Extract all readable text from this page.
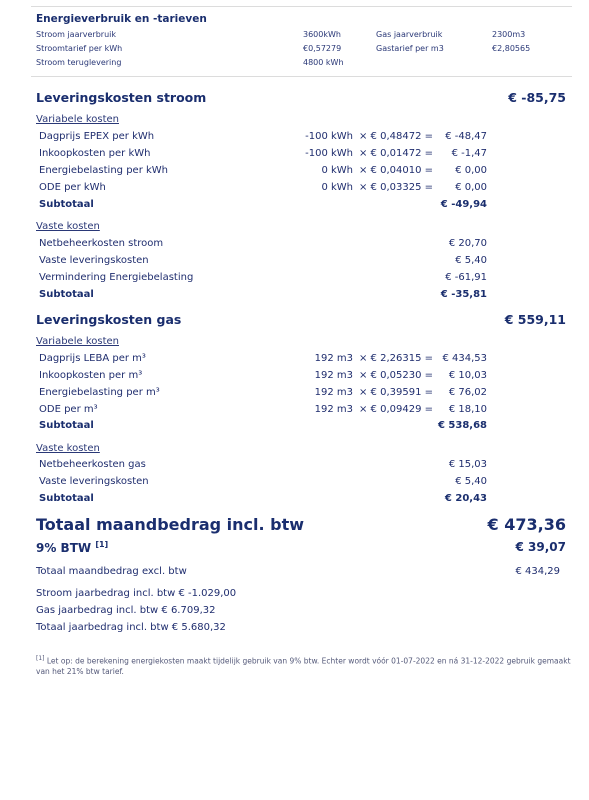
Energieverbruik en -tarieven
Stroom jaarverbruik	3600kWh	Gas jaarverbruik	2300m3
Stroomtarief per kWh	€0,57279	Gastarief per m3	€2,80565
Stroom teruglevering	4800 kWh
Leveringskosten stroom	€ -85,75
Variabele kosten
Dagprijs EPEX per kWh	-100 kWh × € 0,48472 = € -48,47
Inkoopkosten per kWh	-100 kWh × € 0,01472 = € -1,47
Energiebelasting per kWh	0 kWh × € 0,04010 = € 0,00
ODE per kWh	0 kWh × € 0,03325 = € 0,00
Subtotaal	€ -49,94
Vaste kosten
Netbeheerkosten stroom	€ 20,70
Vaste leveringskosten	€ 5,40
Vermindering Energiebelasting	€ -61,91
Subtotaal	€ -35,81
Leveringskosten gas	€ 559,11
Variabele kosten
Dagprijs LEBA per m³	192 m3 × € 2,26315 = € 434,53
Inkoopkosten per m³	192 m3 × € 0,05230 = € 10,03
Energiebelasting per m³	192 m3 × € 0,39591 = € 76,02
ODE per m³	192 m3 × € 0,09429 = € 18,10
Subtotaal	€ 538,68
Vaste kosten
Netbeheerkosten gas	€ 15,03
Vaste leveringskosten	€ 5,40
Subtotaal	€ 20,43
Totaal maandbedrag incl. btw	€ 473,36
9% BTW [1]	€ 39,07
Totaal maandbedrag excl. btw	€ 434,29
Stroom jaarbedrag incl. btw € -1.029,00
Gas jaarbedrag incl. btw € 6.709,32
Totaal jaarbedrag incl. btw € 5.680,32
[1] Let op: de berekening energiekosten maakt tijdelijk gebruik van 9% btw. Echter wordt vóór 01-07-2022 en ná 31-12-2022 gebruik gemaakt van het 21% btw tarief.
